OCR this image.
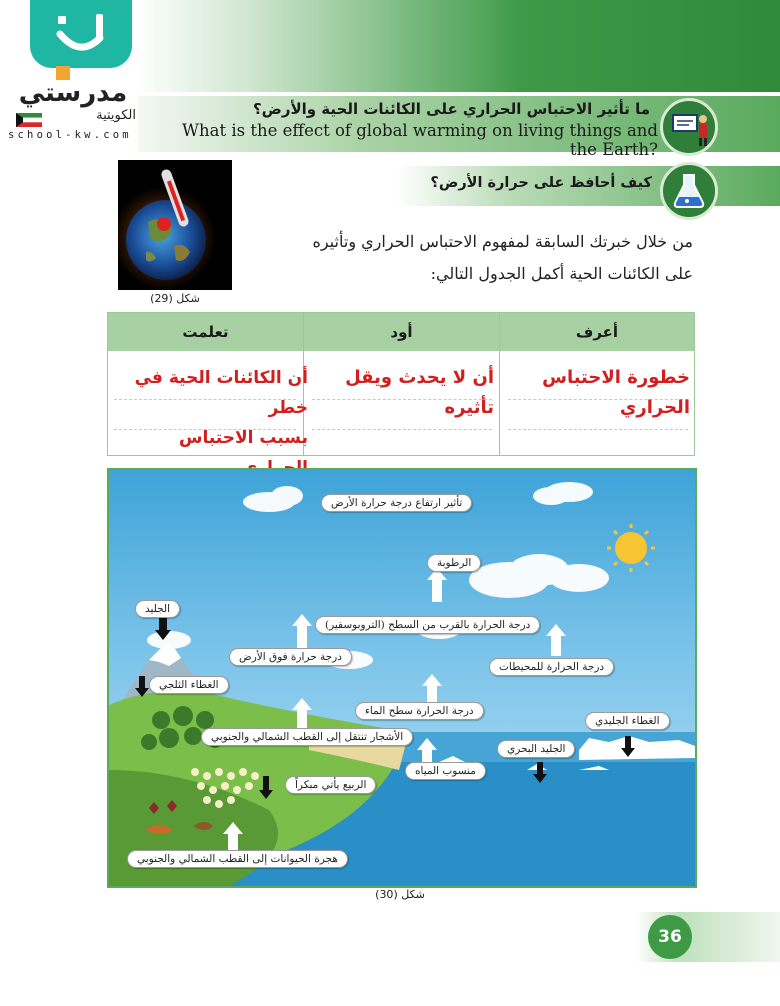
مدرستي
الكويتية
school-kw.com
ما تأثير الاحتباس الحراري على الكائنات الحية والأرض؟
What is the effect of global warming on living things and the Earth?
كيف أحافظ على حرارة الأرض؟
شكل (29)
من خلال خبرتك السابقة لمفهوم الاحتباس الحراري وتأثيره
على الكائنات الحية أكمل الجدول التالي:
تعلمت	أود	أعرف
أن الكائنات الحية في خطر
بسبب الاحتباس
أن لا يحدث ويقل
تأثيره
خطورة الاحتباس
الحراري
تأثير ارتفاع درجة حرارة الأرض
الرطوبة
درجة الحرارة بالقرب من السطح (التروبوسفير)
درجة حرارة فوق الأرض
درجة الحرارة للمحيطات
الجليد
الغطاء الثلجي
درجة الحرارة سطح الماء
الغطاء الجليدي
الأشجار تنتقل إلى القطب الشمالي والجنوبي
الجليد البحري
منسوب المياه
الربيع يأتي مبكراً
هجرة الحيوانات إلى القطب الشمالي والجنوبي
شكل (30)
36
